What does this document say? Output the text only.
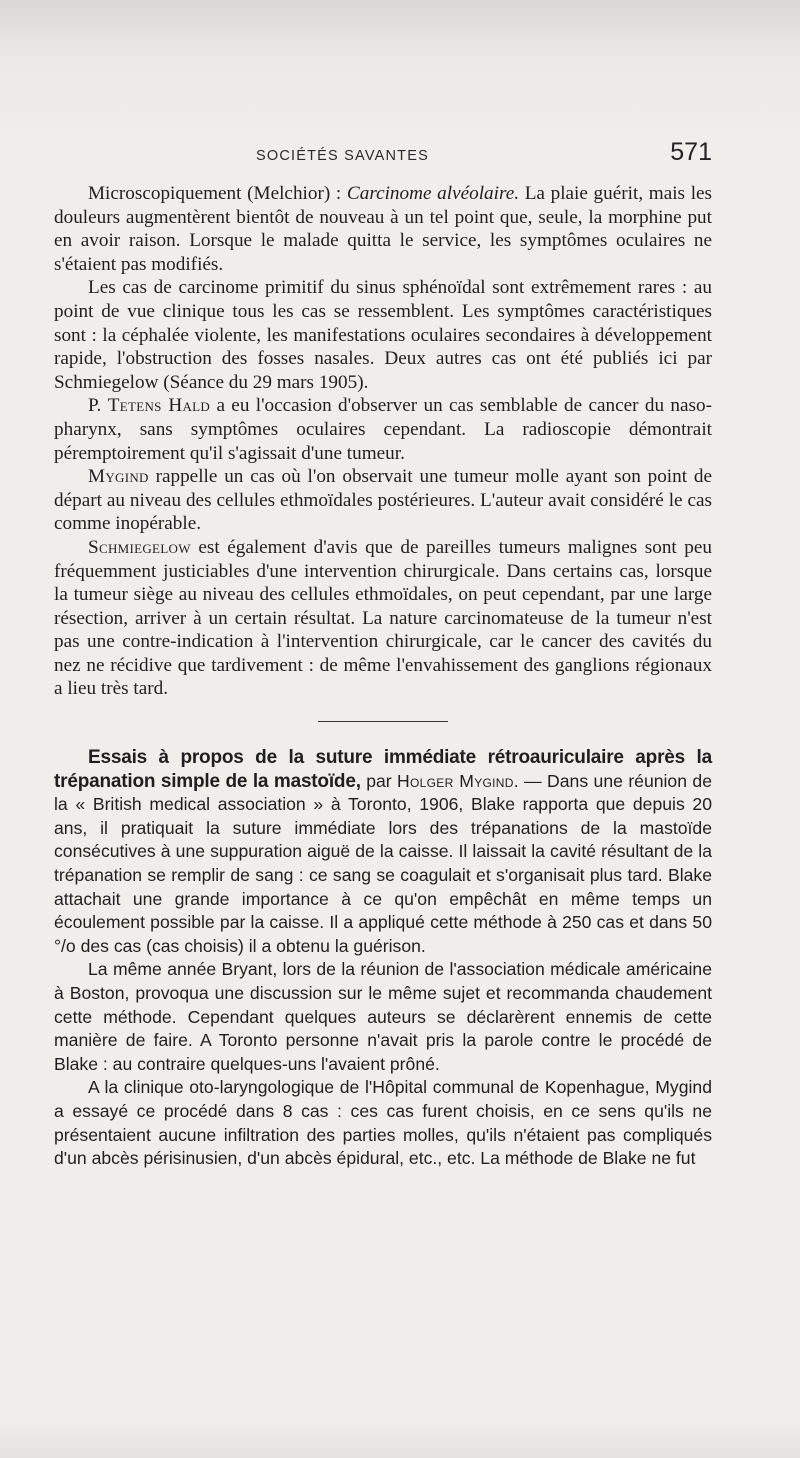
SOCIÉTÉS SAVANTES	571

Microscopiquement (Melchior) : Carcinome alvéolaire. La plaie guérit, mais les douleurs augmentèrent bientôt de nouveau à un tel point que, seule, la morphine put en avoir raison. Lorsque le malade quitta le service, les symptômes oculaires ne s'étaient pas modifiés.

Les cas de carcinome primitif du sinus sphénoïdal sont extrêmement rares : au point de vue clinique tous les cas se ressemblent. Les symptômes caractéristiques sont : la céphalée violente, les manifestations oculaires secondaires à développement rapide, l'obstruction des fosses nasales. Deux autres cas ont été publiés ici par Schmiegelow (Séance du 29 mars 1905).

P. Tetens Hald a eu l'occasion d'observer un cas semblable de cancer du naso-pharynx, sans symptômes oculaires cependant. La radioscopie démontrait péremptoirement qu'il s'agissait d'une tumeur.

Mygind rappelle un cas où l'on observait une tumeur molle ayant son point de départ au niveau des cellules ethmoïdales postérieures. L'auteur avait considéré le cas comme inopérable.

Schmiegelow est également d'avis que de pareilles tumeurs malignes sont peu fréquemment justiciables d'une intervention chirurgicale. Dans certains cas, lorsque la tumeur siège au niveau des cellules ethmoïdales, on peut cependant, par une large résection, arriver à un certain résultat. La nature carcinomateuse de la tumeur n'est pas une contre-indication à l'intervention chirurgicale, car le cancer des cavités du nez ne récidive que tardivement : de même l'envahissement des ganglions régionaux a lieu très tard.

Essais à propos de la suture immédiate rétroauriculaire après la trépanation simple de la mastoïde, par Holger Mygind. — Dans une réunion de la « British medical association » à Toronto, 1906, Blake rapporta que depuis 20 ans, il pratiquait la suture immédiate lors des trépanations de la mastoïde consécutives à une suppuration aiguë de la caisse. Il laissait la cavité résultant de la trépanation se remplir de sang : ce sang se coagulait et s'organisait plus tard. Blake attachait une grande importance à ce qu'on empêchât en même temps un écoulement possible par la caisse. Il a appliqué cette méthode à 250 cas et dans 50 °/o des cas (cas choisis) il a obtenu la guérison.

La même année Bryant, lors de la réunion de l'association médicale américaine à Boston, provoqua une discussion sur le même sujet et recommanda chaudement cette méthode. Cependant quelques auteurs se déclarèrent ennemis de cette manière de faire. A Toronto personne n'avait pris la parole contre le procédé de Blake : au contraire quelques-uns l'avaient prôné.

A la clinique oto-laryngologique de l'Hôpital communal de Kopenhague, Mygind a essayé ce procédé dans 8 cas : ces cas furent choisis, en ce sens qu'ils ne présentaient aucune infiltration des parties molles, qu'ils n'étaient pas compliqués d'un abcès périsinusien, d'un abcès épidural, etc., etc. La méthode de Blake ne fut
